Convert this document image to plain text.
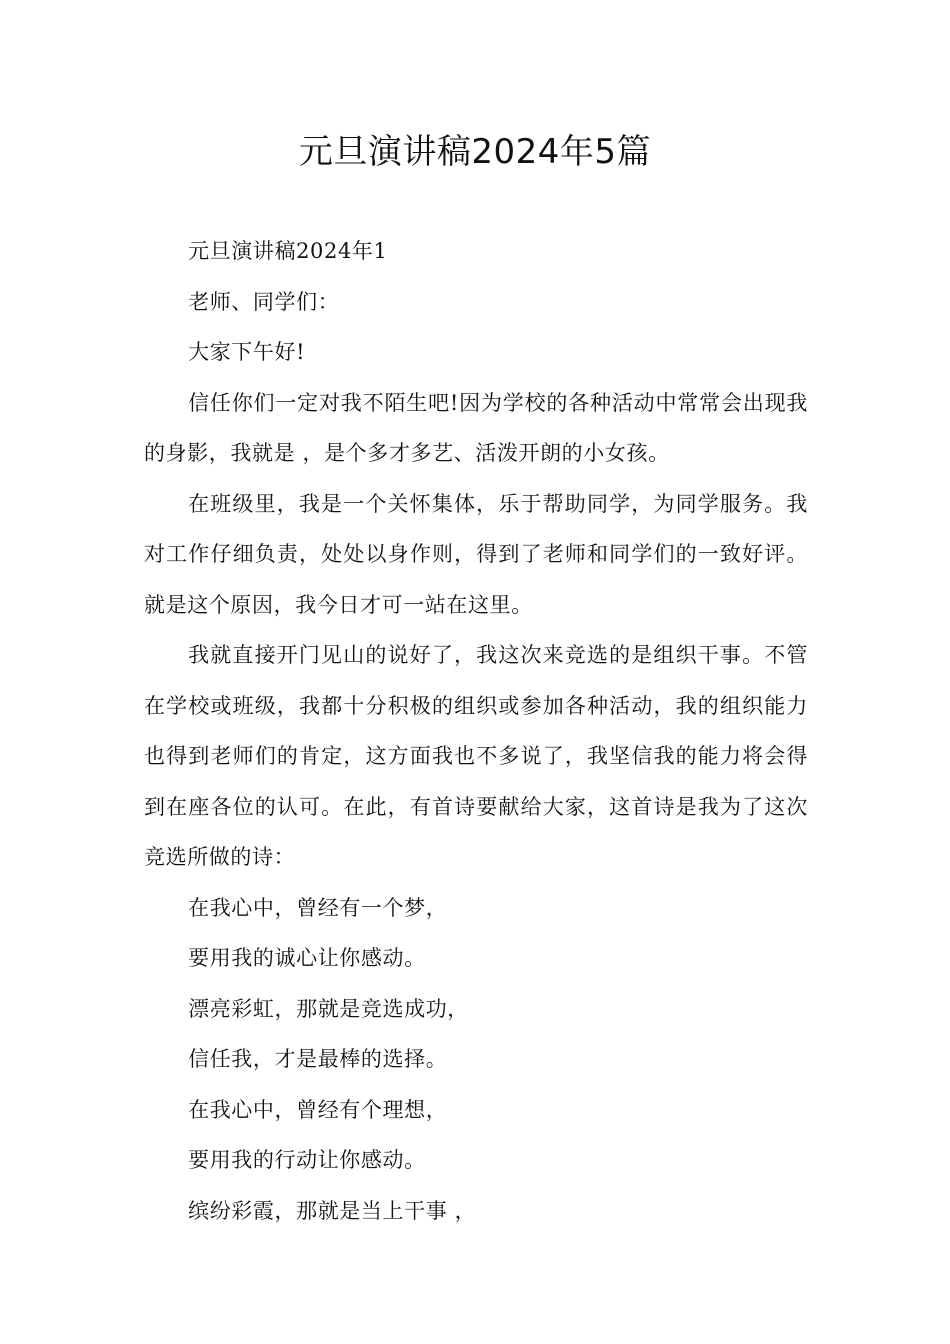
元旦演讲稿2024年5篇

元旦演讲稿2024年1

老师、同学们：

大家下午好!

信任你们一定对我不陌生吧!因为学校的各种活动中常常会出现我的身影，我就是 ，是个多才多艺、活泼开朗的小女孩。

在班级里，我是一个关怀集体，乐于帮助同学，为同学服务。我对工作仔细负责，处处以身作则，得到了老师和同学们的一致好评。就是这个原因，我今日才可一站在这里。

我就直接开门见山的说好了，我这次来竞选的是组织干事。不管在学校或班级，我都十分积极的组织或参加各种活动，我的组织能力也得到老师们的肯定，这方面我也不多说了，我坚信我的能力将会得到在座各位的认可。在此，有首诗要献给大家，这首诗是我为了这次竞选所做的诗：

在我心中，曾经有一个梦，

要用我的诚心让你感动。

漂亮彩虹，那就是竞选成功，

信任我，才是最棒的选择。

在我心中，曾经有个理想，

要用我的行动让你感动。

缤纷彩霞，那就是当上干事 ，
